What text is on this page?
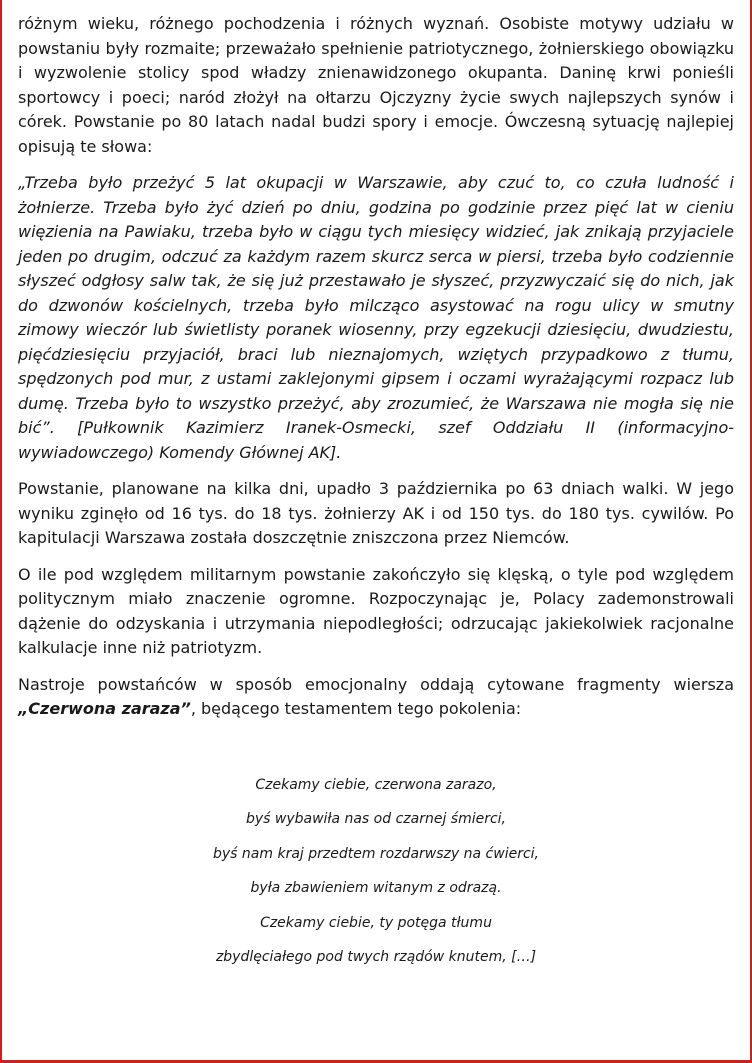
różnym wieku, różnego pochodzenia i różnych wyznań. Osobiste motywy udziału w powstaniu były rozmaite; przeważało spełnienie patriotycznego, żołnierskiego obowiązku i wyzwolenie stolicy spod władzy znienawidzonego okupanta. Daninę krwi ponieśli sportowcy i poeci; naród złożył na ołtarzu Ojczyzny życie swych najlepszych synów i córek. Powstanie po 80 latach nadal budzi spory i emocje. Ówczesną sytuację najlepiej opisują te słowa:

„Trzeba było przeżyć 5 lat okupacji w Warszawie, aby czuć to, co czuła ludność i żołnierze. Trzeba było żyć dzień po dniu, godzina po godzinie przez pięć lat w cieniu więzienia na Pawiaku, trzeba było w ciągu tych miesięcy widzieć, jak znikają przyjaciele jeden po drugim, odczuć za każdym razem skurcz serca w piersi, trzeba było codziennie słyszeć odgłosy salw tak, że się już przestawało je słyszeć, przyzwyczaić się do nich, jak do dzwonów kościelnych, trzeba było milcząco asystować na rogu ulicy w smutny zimowy wieczór lub świetlisty poranek wiosenny, przy egzekucji dziesięciu, dwudziestu, pięćdziesięciu przyjaciół, braci lub nieznajomych, wziętych przypadkowo z tłumu, spędzonych pod mur, z ustami zaklejonymi gipsem i oczami wyrażającymi rozpacz lub dumę. Trzeba było to wszystko przeżyć, aby zrozumieć, że Warszawa nie mogła się nie bić”. [Pułkownik Kazimierz Iranek-Osmecki, szef Oddziału II (informacyjno-wywiadowczego) Komendy Głównej AK].

Powstanie, planowane na kilka dni, upadło 3 października po 63 dniach walki. W jego wyniku zginęło od 16 tys. do 18 tys. żołnierzy AK i od 150 tys. do 180 tys. cywilów. Po kapitulacji Warszawa została doszczętnie zniszczona przez Niemców.

O ile pod względem militarnym powstanie zakończyło się klęską, o tyle pod względem politycznym miało znaczenie ogromne. Rozpoczynając je, Polacy zademonstrowali dążenie do odzyskania i utrzymania niepodległości; odrzucając jakiekolwiek racjonalne kalkulacje inne niż patriotyzm.

Nastroje powstańców w sposób emocjonalny oddają cytowane fragmenty wiersza „Czerwona zaraza”, będącego testamentem tego pokolenia:

Czekamy ciebie, czerwona zarazo,
byś wybawiła nas od czarnej śmierci,
byś nam kraj przedtem rozdarwszy na ćwierci,
była zbawieniem witanym z odrazą.
Czekamy ciebie, ty potęga tłumu
zbydlęciałego pod twych rządów knutem, […]
